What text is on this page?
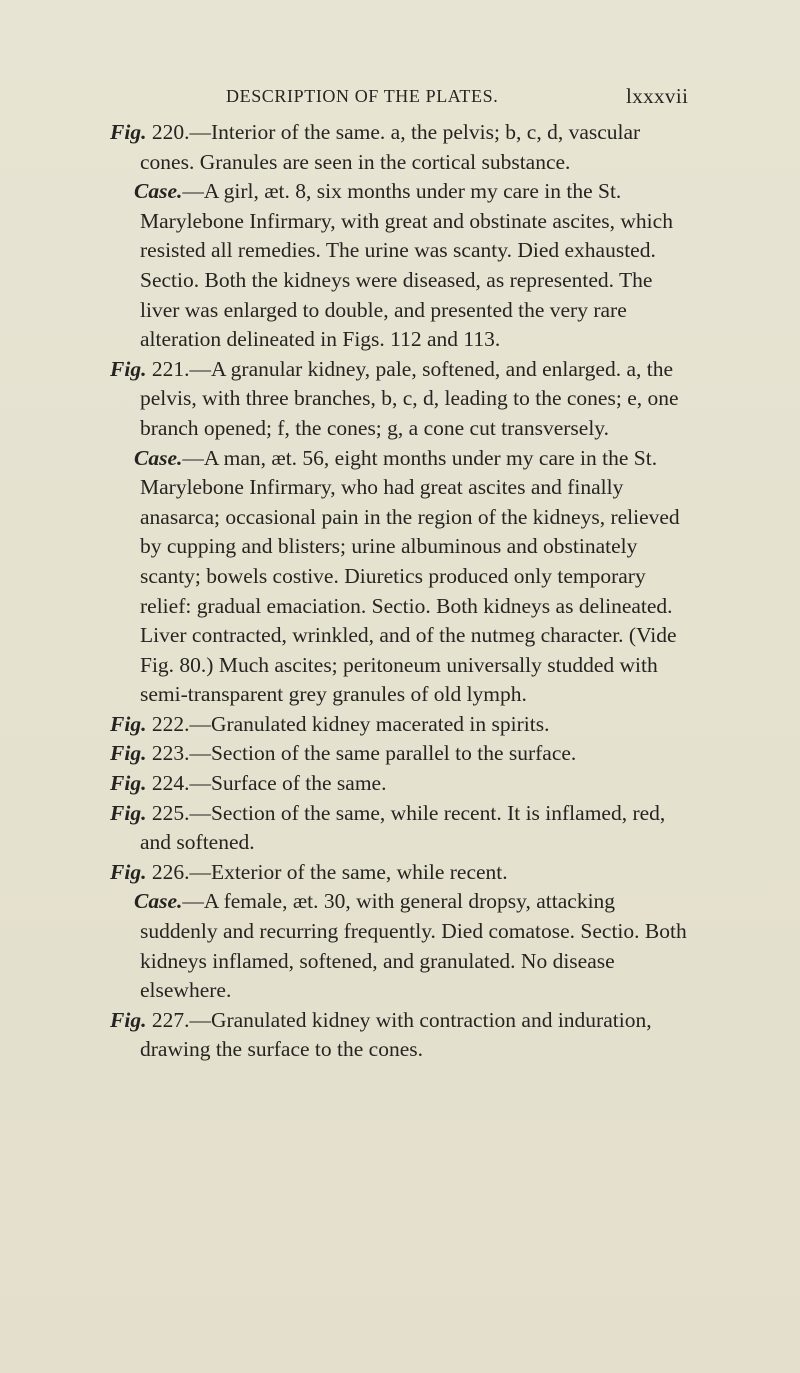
DESCRIPTION OF THE PLATES.	lxxxvii

Fig. 220.—Interior of the same. a, the pelvis; b, c, d, vascular cones. Granules are seen in the cortical substance.

Case.—A girl, æt. 8, six months under my care in the St. Marylebone Infirmary, with great and obstinate ascites, which resisted all remedies. The urine was scanty. Died exhausted. Sectio. Both the kidneys were diseased, as represented. The liver was enlarged to double, and presented the very rare alteration delineated in Figs. 112 and 113.

Fig. 221.—A granular kidney, pale, softened, and enlarged. a, the pelvis, with three branches, b, c, d, leading to the cones; e, one branch opened; f, the cones; g, a cone cut transversely.

Case.—A man, æt. 56, eight months under my care in the St. Marylebone Infirmary, who had great ascites and finally anasarca; occasional pain in the region of the kidneys, relieved by cupping and blisters; urine albuminous and obstinately scanty; bowels costive. Diuretics produced only temporary relief: gradual emaciation. Sectio. Both kidneys as delineated. Liver contracted, wrinkled, and of the nutmeg character. (Vide Fig. 80.) Much ascites; peritoneum universally studded with semi-transparent grey granules of old lymph.

Fig. 222.—Granulated kidney macerated in spirits.

Fig. 223.—Section of the same parallel to the surface.

Fig. 224.—Surface of the same.

Fig. 225.—Section of the same, while recent. It is inflamed, red, and softened.

Fig. 226.—Exterior of the same, while recent.

Case.—A female, æt. 30, with general dropsy, attacking suddenly and recurring frequently. Died comatose. Sectio. Both kidneys inflamed, softened, and granulated. No disease elsewhere.

Fig. 227.—Granulated kidney with contraction and induration, drawing the surface to the cones.
